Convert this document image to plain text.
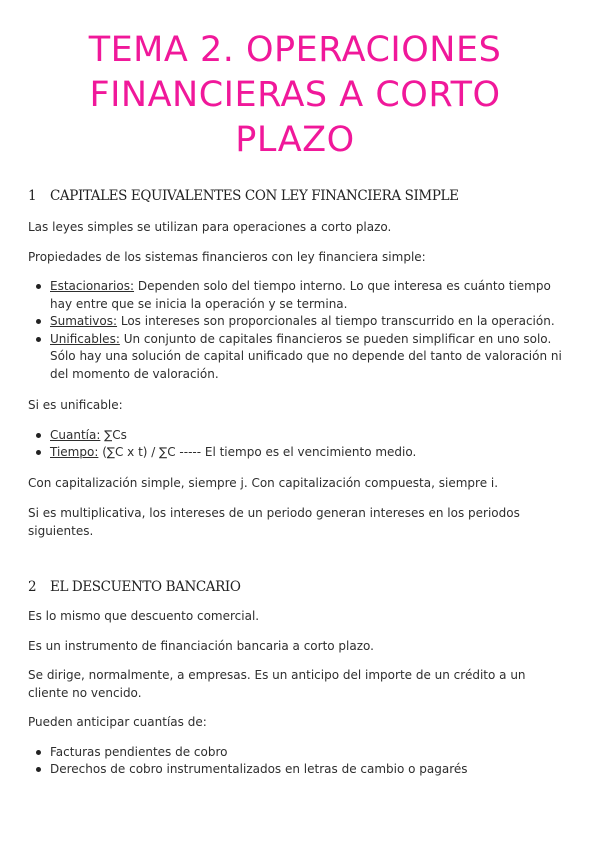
TEMA 2. OPERACIONES
FINANCIERAS A CORTO
PLAZO
1 CAPITALES EQUIVALENTES CON LEY FINANCIERA SIMPLE

Las leyes simples se utilizan para operaciones a corto plazo.

Propiedades de los sistemas financieros con ley financiera simple:

Estacionarios: Dependen solo del tiempo interno. Lo que interesa es cuánto tiempo hay entre que se inicia la operación y se termina.
Sumativos: Los intereses son proporcionales al tiempo transcurrido en la operación.
Unificables: Un conjunto de capitales financieros se pueden simplificar en uno solo. Sólo hay una solución de capital unificado que no depende del tanto de valoración ni del momento de valoración.

Si es unificable:

Cuantía: ∑Cs
Tiempo: (∑C x t) / ∑C ----- El tiempo es el vencimiento medio.

Con capitalización simple, siempre j. Con capitalización compuesta, siempre i.

Si es multiplicativa, los intereses de un periodo generan intereses en los periodos siguientes.

2 EL DESCUENTO BANCARIO

Es lo mismo que descuento comercial.

Es un instrumento de financiación bancaria a corto plazo.

Se dirige, normalmente, a empresas. Es un anticipo del importe de un crédito a un cliente no vencido.

Pueden anticipar cuantías de:

Facturas pendientes de cobro
Derechos de cobro instrumentalizados en letras de cambio o pagarés
